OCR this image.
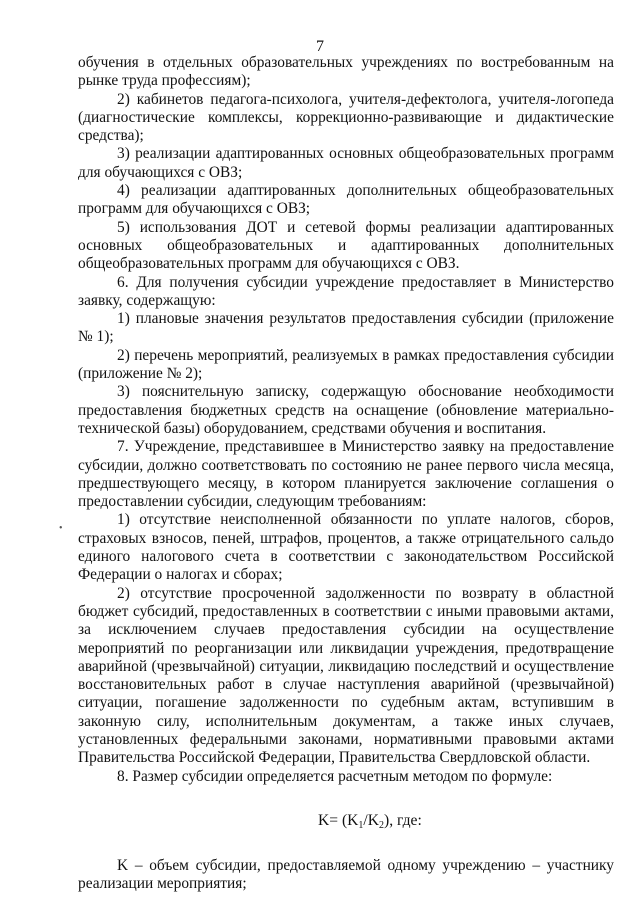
7

обучения в отдельных образовательных учреждениях по востребованным на рынке труда профессиям);

2) кабинетов педагога-психолога, учителя-дефектолога, учителя-логопеда (диагностические комплексы, коррекционно-развивающие и дидактические средства);

3) реализации адаптированных основных общеобразовательных программ для обучающихся с ОВЗ;

4) реализации адаптированных дополнительных общеобразовательных программ для обучающихся с ОВЗ;

5) использования ДОТ и сетевой формы реализации адаптированных основных общеобразовательных и адаптированных дополнительных общеобразовательных программ для обучающихся с ОВЗ.

6. Для получения субсидии учреждение предоставляет в Министерство заявку, содержащую:

1) плановые значения результатов предоставления субсидии (приложение № 1);

2) перечень мероприятий, реализуемых в рамках предоставления субсидии (приложение № 2);

3) пояснительную записку, содержащую обоснование необходимости предоставления бюджетных средств на оснащение (обновление материально-технической базы) оборудованием, средствами обучения и воспитания.

7. Учреждение, представившее в Министерство заявку на предоставление субсидии, должно соответствовать по состоянию не ранее первого числа месяца, предшествующего месяцу, в котором планируется заключение соглашения о предоставлении субсидии, следующим требованиям:

1) отсутствие неисполненной обязанности по уплате налогов, сборов, страховых взносов, пеней, штрафов, процентов, а также отрицательного сальдо единого налогового счета в соответствии с законодательством Российской Федерации о налогах и сборах;

2) отсутствие просроченной задолженности по возврату в областной бюджет субсидий, предоставленных в соответствии с иными правовыми актами, за исключением случаев предоставления субсидии на осуществление мероприятий по реорганизации или ликвидации учреждения, предотвращение аварийной (чрезвычайной) ситуации, ликвидацию последствий и осуществление восстановительных работ в случае наступления аварийной (чрезвычайной) ситуации, погашение задолженности по судебным актам, вступившим в законную силу, исполнительным документам, а также иных случаев, установленных федеральными законами, нормативными правовыми актами Правительства Российской Федерации, Правительства Свердловской области.

8. Размер субсидии определяется расчетным методом по формуле:

$K= (K_1/K_2)$, где:

K – объем субсидии, предоставляемой одному учреждению – участнику реализации мероприятия;

•
